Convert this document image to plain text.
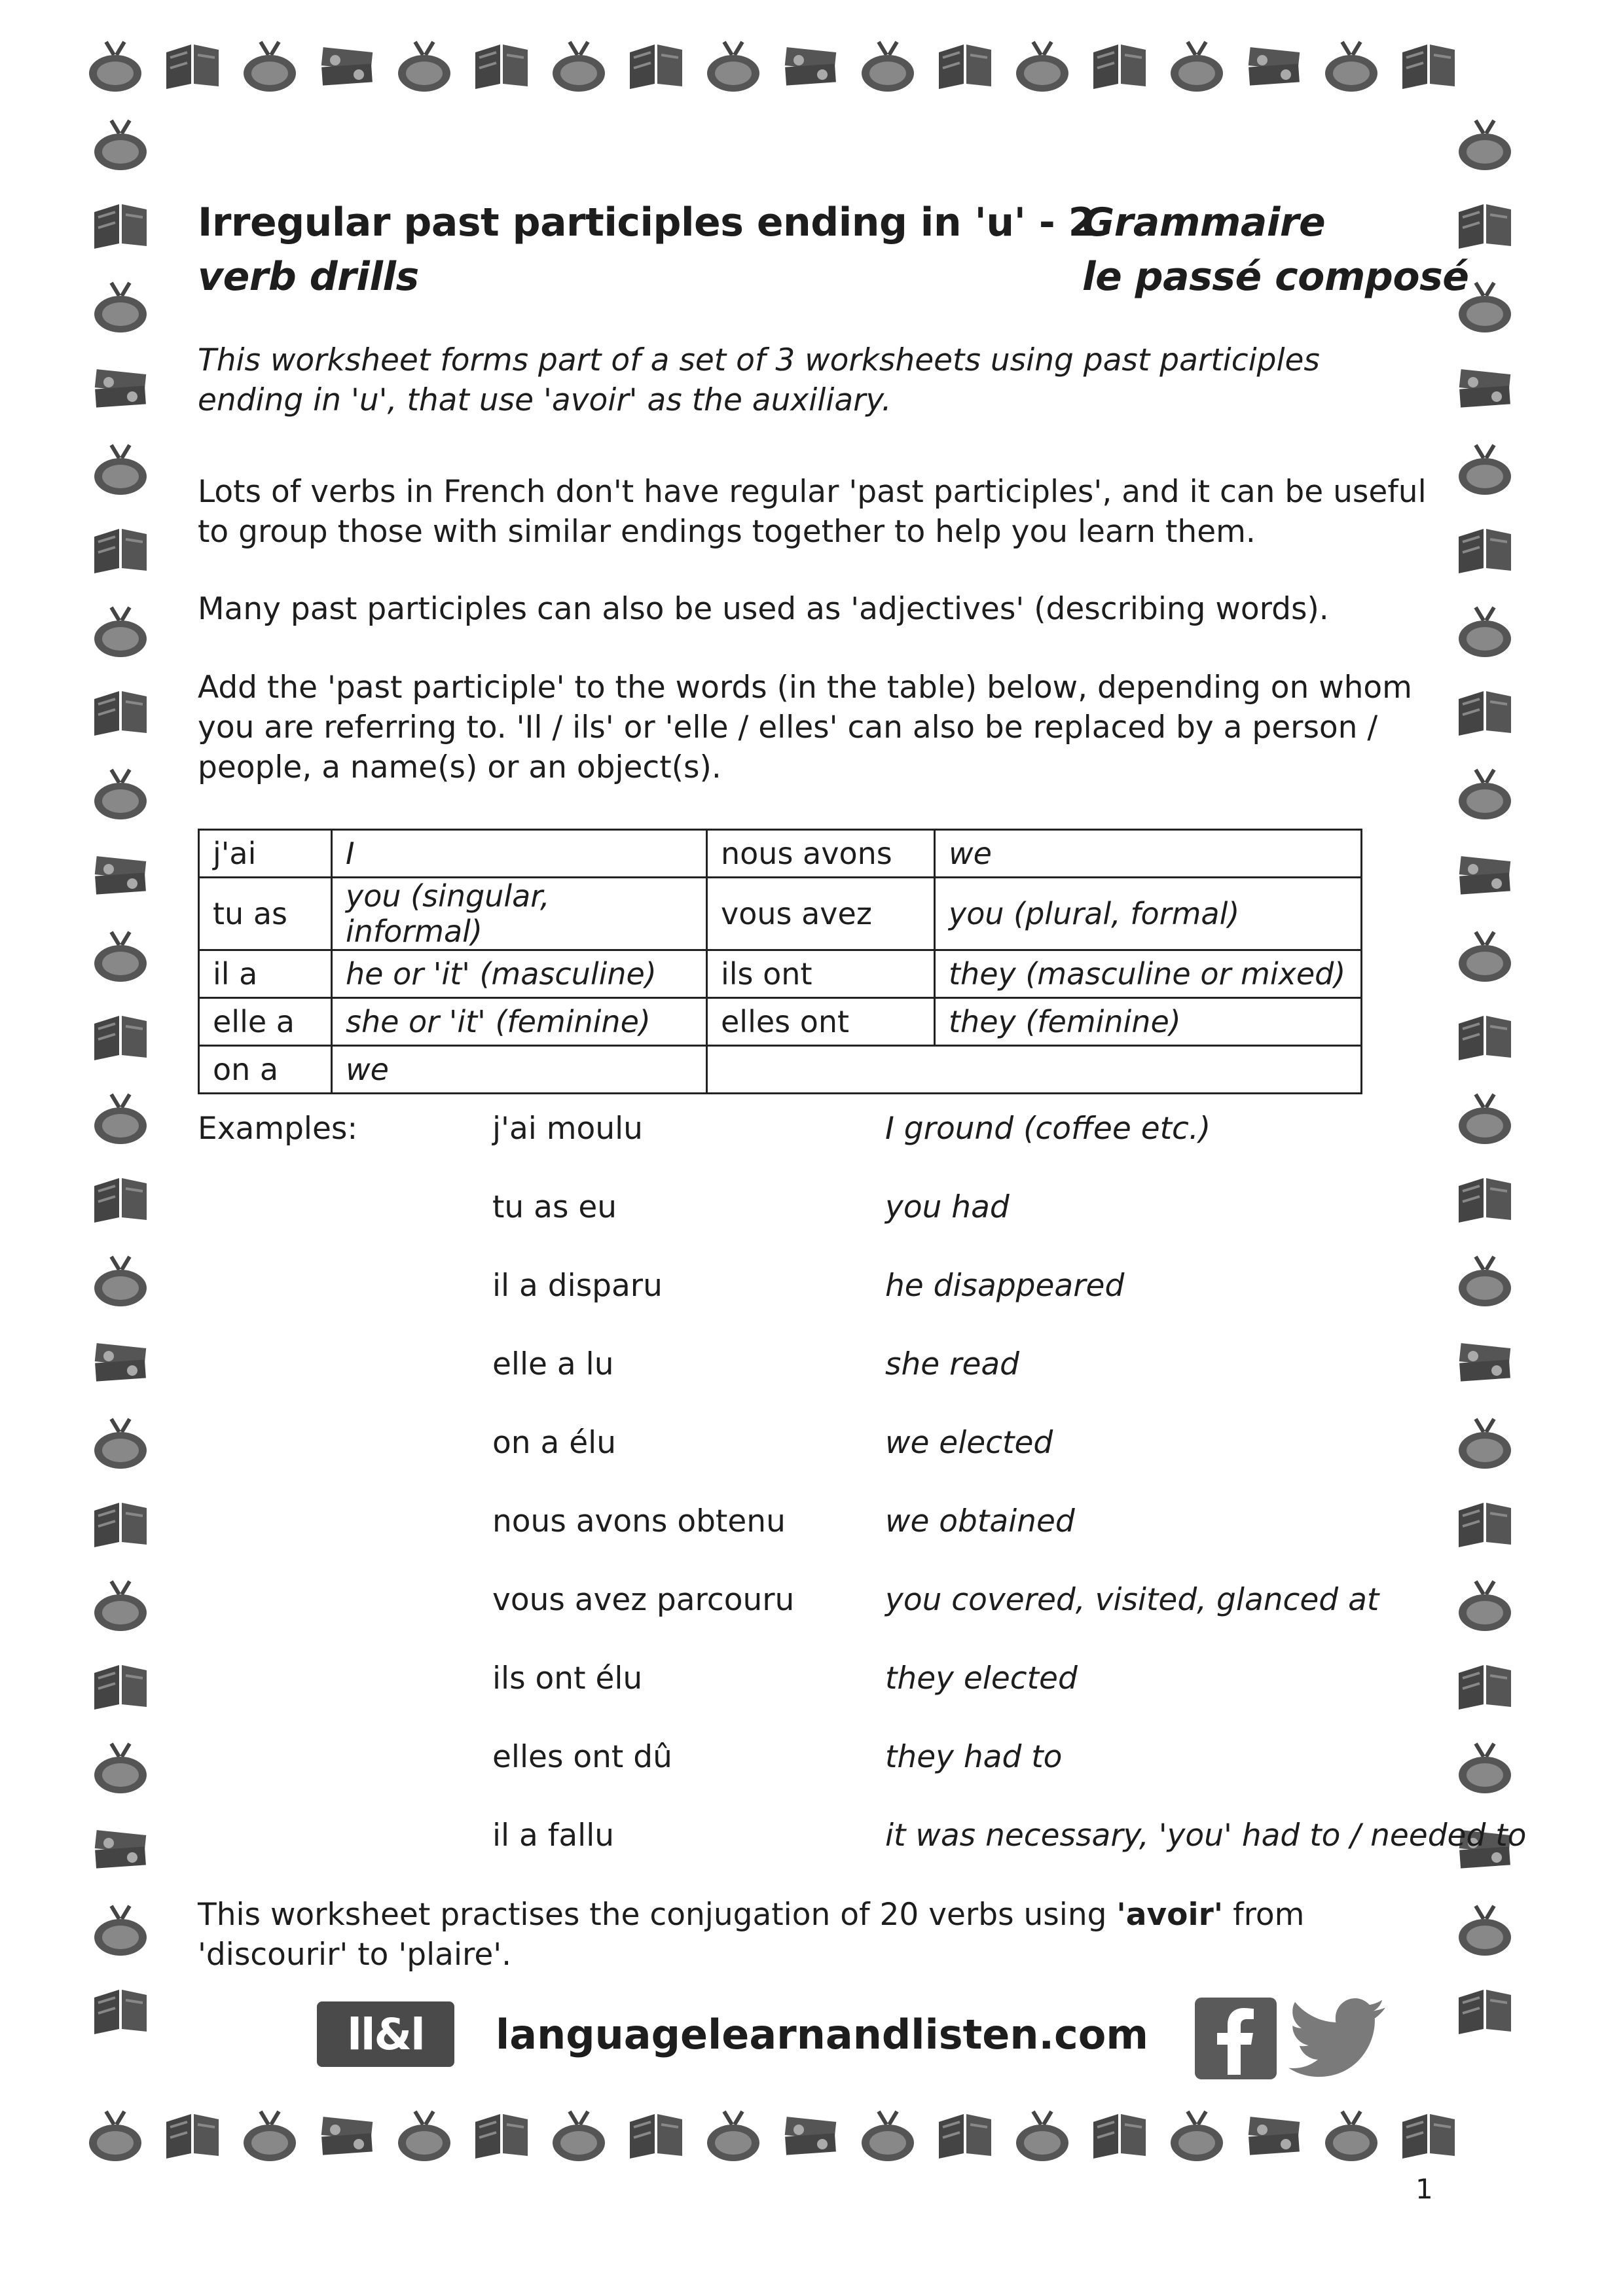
Irregular past participles ending in 'u' - 2
verb drills
Grammaire
le passé composé
This worksheet forms part of a set of 3 worksheets using past participles ending in 'u', that use 'avoir' as the auxiliary.
Lots of verbs in French don't have regular 'past participles', and it can be useful to group those with similar endings together to help you learn them.
Many past participles can also be used as 'adjectives' (describing words).
Add the 'past participle' to the words (in the table) below, depending on whom you are referring to. 'Il / ils' or 'elle / elles' can also be replaced by a person / people, a name(s) or an object(s).
j'ai	I	nous avons	we
tu as	you (singular, informal)	vous avez	you (plural, formal)
il a	he or 'it' (masculine)	ils ont	they (masculine or mixed)
elle a	she or 'it' (feminine)	elles ont	they (feminine)
on a	we		
Examples:	j'ai moulu	I ground (coffee etc.)
tu as eu	you had
il a disparu	he disappeared
elle a lu	she read
on a élu	we elected
nous avons obtenu	we obtained
vous avez parcouru	you covered, visited, glanced at
ils ont élu	they elected
elles ont dû	they had to
il a fallu	it was necessary, 'you' had to / needed to
This worksheet practises the conjugation of 20 verbs using 'avoir' from 'discourir' to 'plaire'.
ll&l	languagelearnandlisten.com
1
